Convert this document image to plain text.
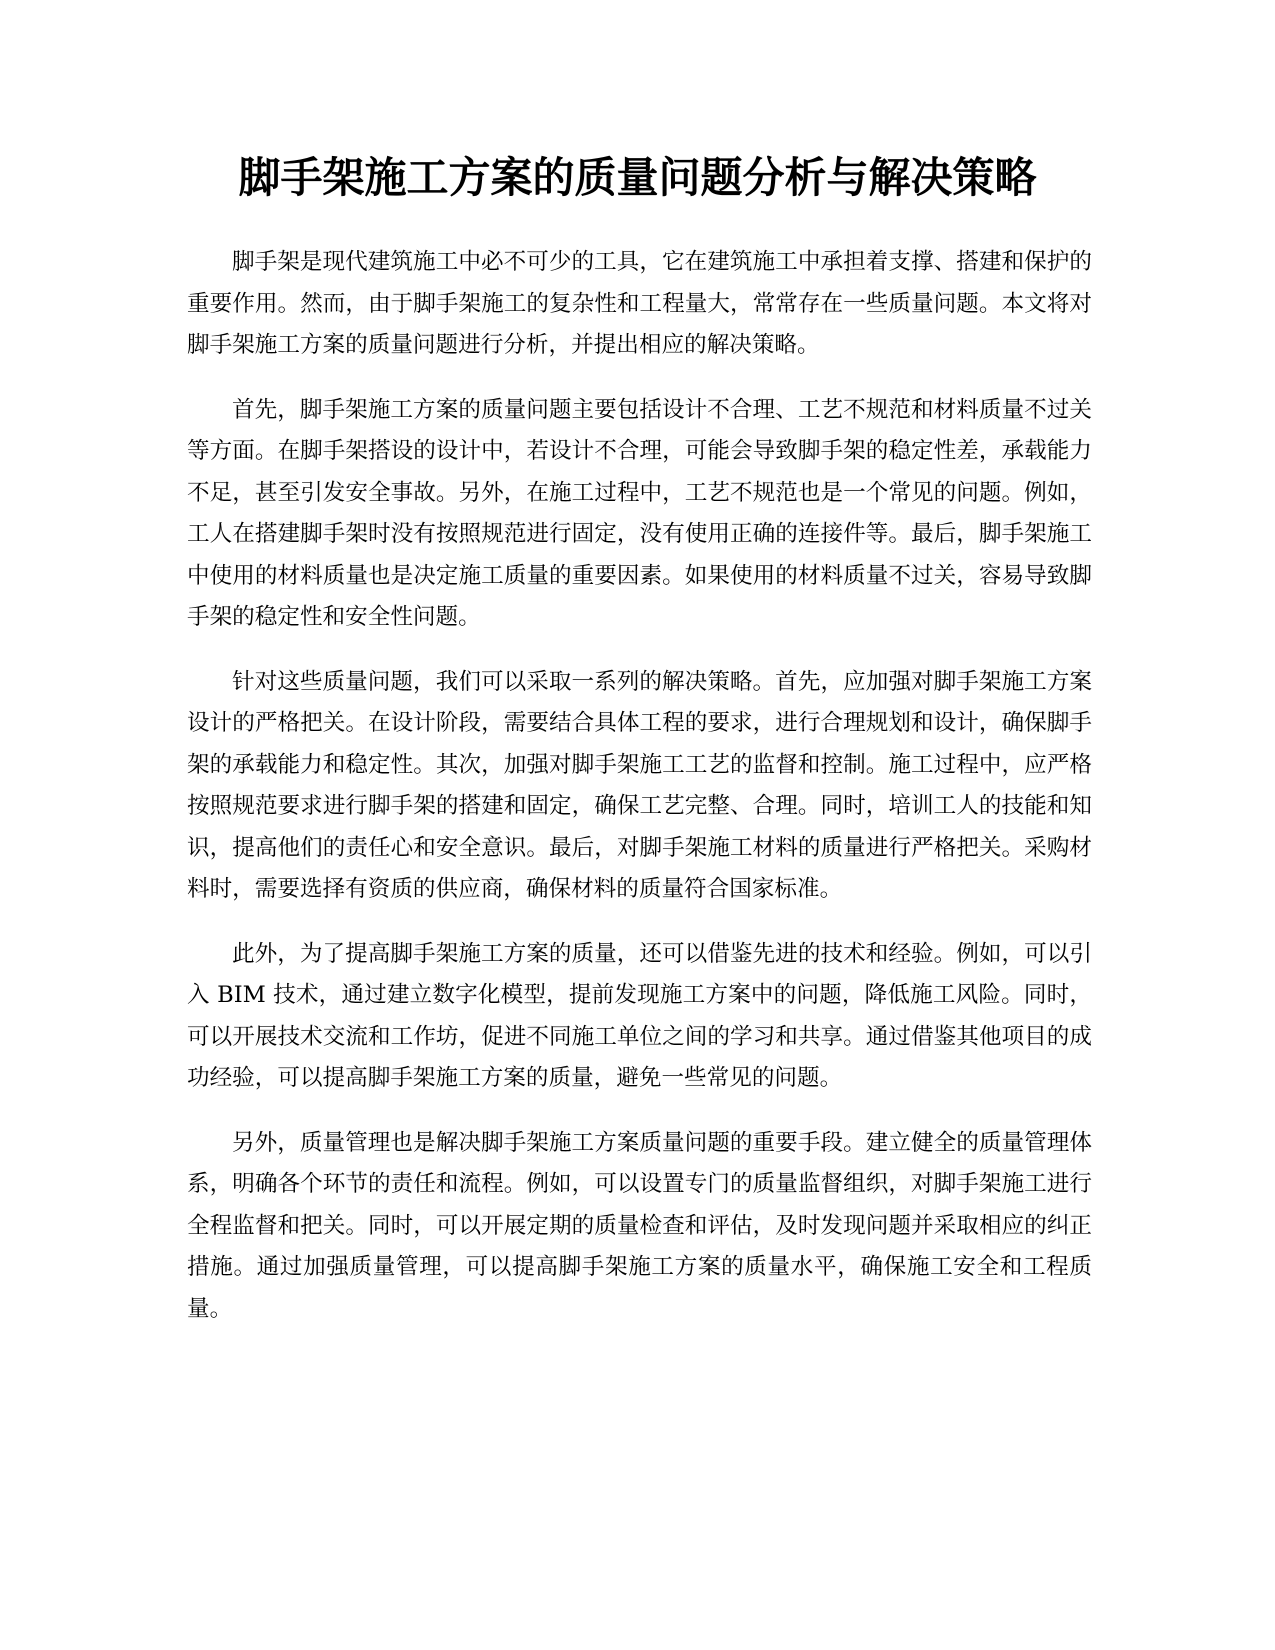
脚手架施工方案的质量问题分析与解决策略

脚手架是现代建筑施工中必不可少的工具，它在建筑施工中承担着支撑、搭建和保护的重要作用。然而，由于脚手架施工的复杂性和工程量大，常常存在一些质量问题。本文将对脚手架施工方案的质量问题进行分析，并提出相应的解决策略。

首先，脚手架施工方案的质量问题主要包括设计不合理、工艺不规范和材料质量不过关等方面。在脚手架搭设的设计中，若设计不合理，可能会导致脚手架的稳定性差，承载能力不足，甚至引发安全事故。另外，在施工过程中，工艺不规范也是一个常见的问题。例如，工人在搭建脚手架时没有按照规范进行固定，没有使用正确的连接件等。最后，脚手架施工中使用的材料质量也是决定施工质量的重要因素。如果使用的材料质量不过关，容易导致脚手架的稳定性和安全性问题。

针对这些质量问题，我们可以采取一系列的解决策略。首先，应加强对脚手架施工方案设计的严格把关。在设计阶段，需要结合具体工程的要求，进行合理规划和设计，确保脚手架的承载能力和稳定性。其次，加强对脚手架施工工艺的监督和控制。施工过程中，应严格按照规范要求进行脚手架的搭建和固定，确保工艺完整、合理。同时，培训工人的技能和知识，提高他们的责任心和安全意识。最后，对脚手架施工材料的质量进行严格把关。采购材料时，需要选择有资质的供应商，确保材料的质量符合国家标准。

此外，为了提高脚手架施工方案的质量，还可以借鉴先进的技术和经验。例如，可以引入 BIM 技术，通过建立数字化模型，提前发现施工方案中的问题，降低施工风险。同时，可以开展技术交流和工作坊，促进不同施工单位之间的学习和共享。通过借鉴其他项目的成功经验，可以提高脚手架施工方案的质量，避免一些常见的问题。

另外，质量管理也是解决脚手架施工方案质量问题的重要手段。建立健全的质量管理体系，明确各个环节的责任和流程。例如，可以设置专门的质量监督组织，对脚手架施工进行全程监督和把关。同时，可以开展定期的质量检查和评估，及时发现问题并采取相应的纠正措施。通过加强质量管理，可以提高脚手架施工方案的质量水平，确保施工安全和工程质量。
